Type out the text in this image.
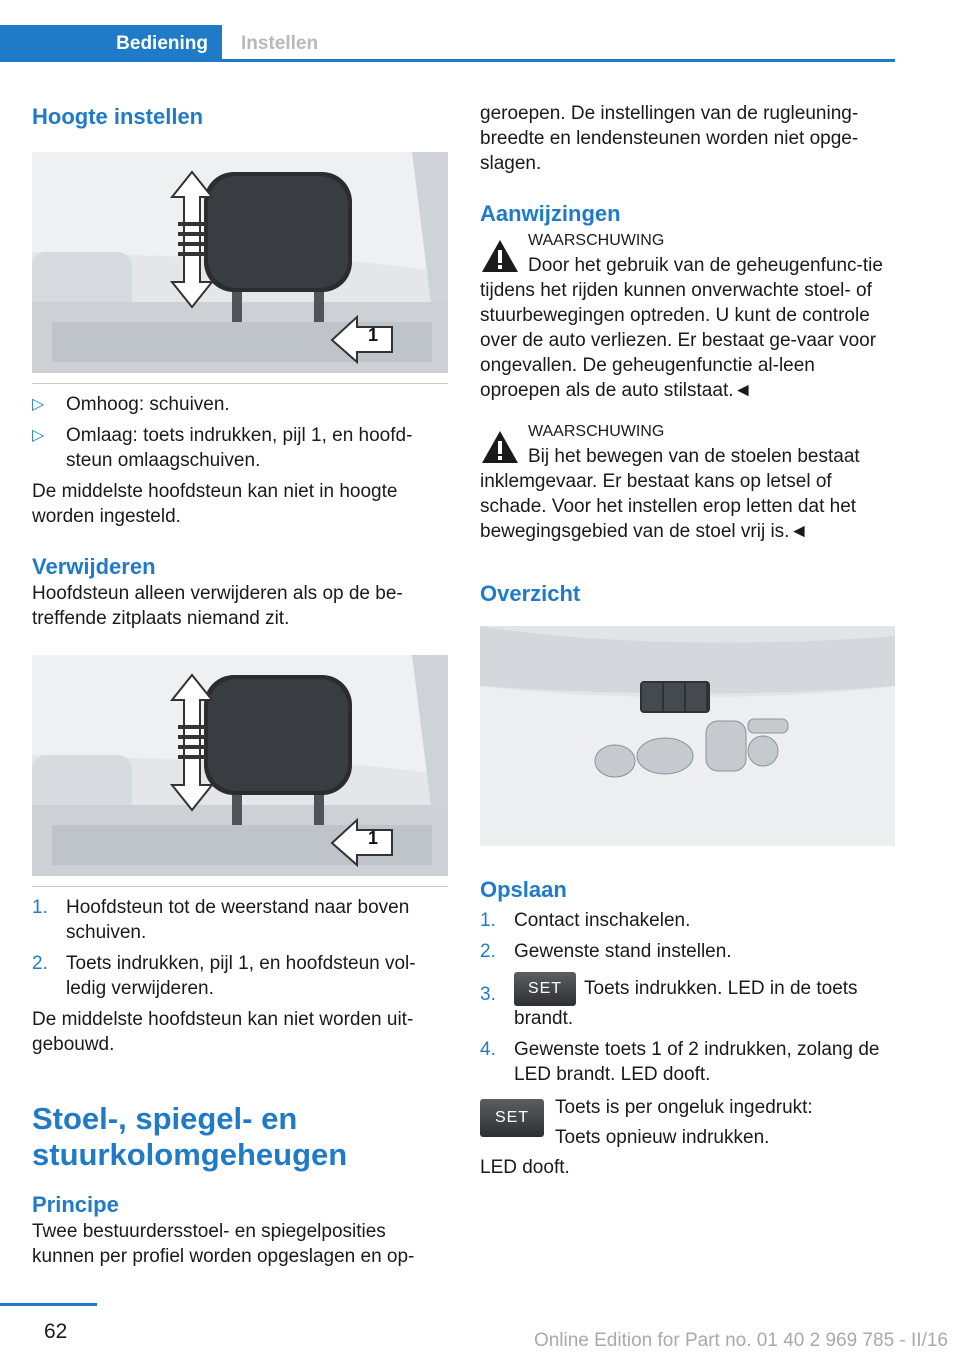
Bediening	Instellen
Hoogte instellen
1
▷ Omhoog: schuiven.
▷ Omlaag: toets indrukken, pijl 1, en hoofd-steun omlaagschuiven.

De middelste hoofdsteun kan niet in hoogte worden ingesteld.

Verwijderen

Hoofdsteun alleen verwijderen als op de be-treffende zitplaats niemand zit.

1
1. Hoofdsteun tot de weerstand naar boven schuiven.
2. Toets indrukken, pijl 1, en hoofdsteun vol-ledig verwijderen.

De middelste hoofdsteun kan niet worden uit-gebouwd.

Stoel-, spiegel- en stuurkolomgeheugen
Principe

Twee bestuurdersstoel- en spiegelposities kunnen per profiel worden opgeslagen en op-

geroepen. De instellingen van de rugleuning-breedte en lendensteunen worden niet opge-slagen.

Aanwijzingen
WAARSCHUWING

Door het gebruik van de geheugenfunc-tie tijdens het rijden kunnen onverwachte stoel- of stuurbewegingen optreden. U kunt de controle over de auto verliezen. Er bestaat ge-vaar voor ongevallen. De geheugenfunctie al-leen oproepen als de auto stilstaat.◄

WAARSCHUWING

Bij het bewegen van de stoelen bestaat inklemgevaar. Er bestaat kans op letsel of schade. Voor het instellen erop letten dat het bewegingsgebied van de stoel vrij is.◄

Overzicht
Opslaan
1. Contact inschakelen.
2. Gewenste stand instellen.
3. SET Toets indrukken. LED in de toets brandt.
4. Gewenste toets 1 of 2 indrukken, zolang de LED brandt. LED dooft.
SET	Toets is per ongeluk ingedrukt:

Toets opnieuw indrukken.

LED dooft.

62	Online Edition for Part no. 01 40 2 969 785 - II/16
